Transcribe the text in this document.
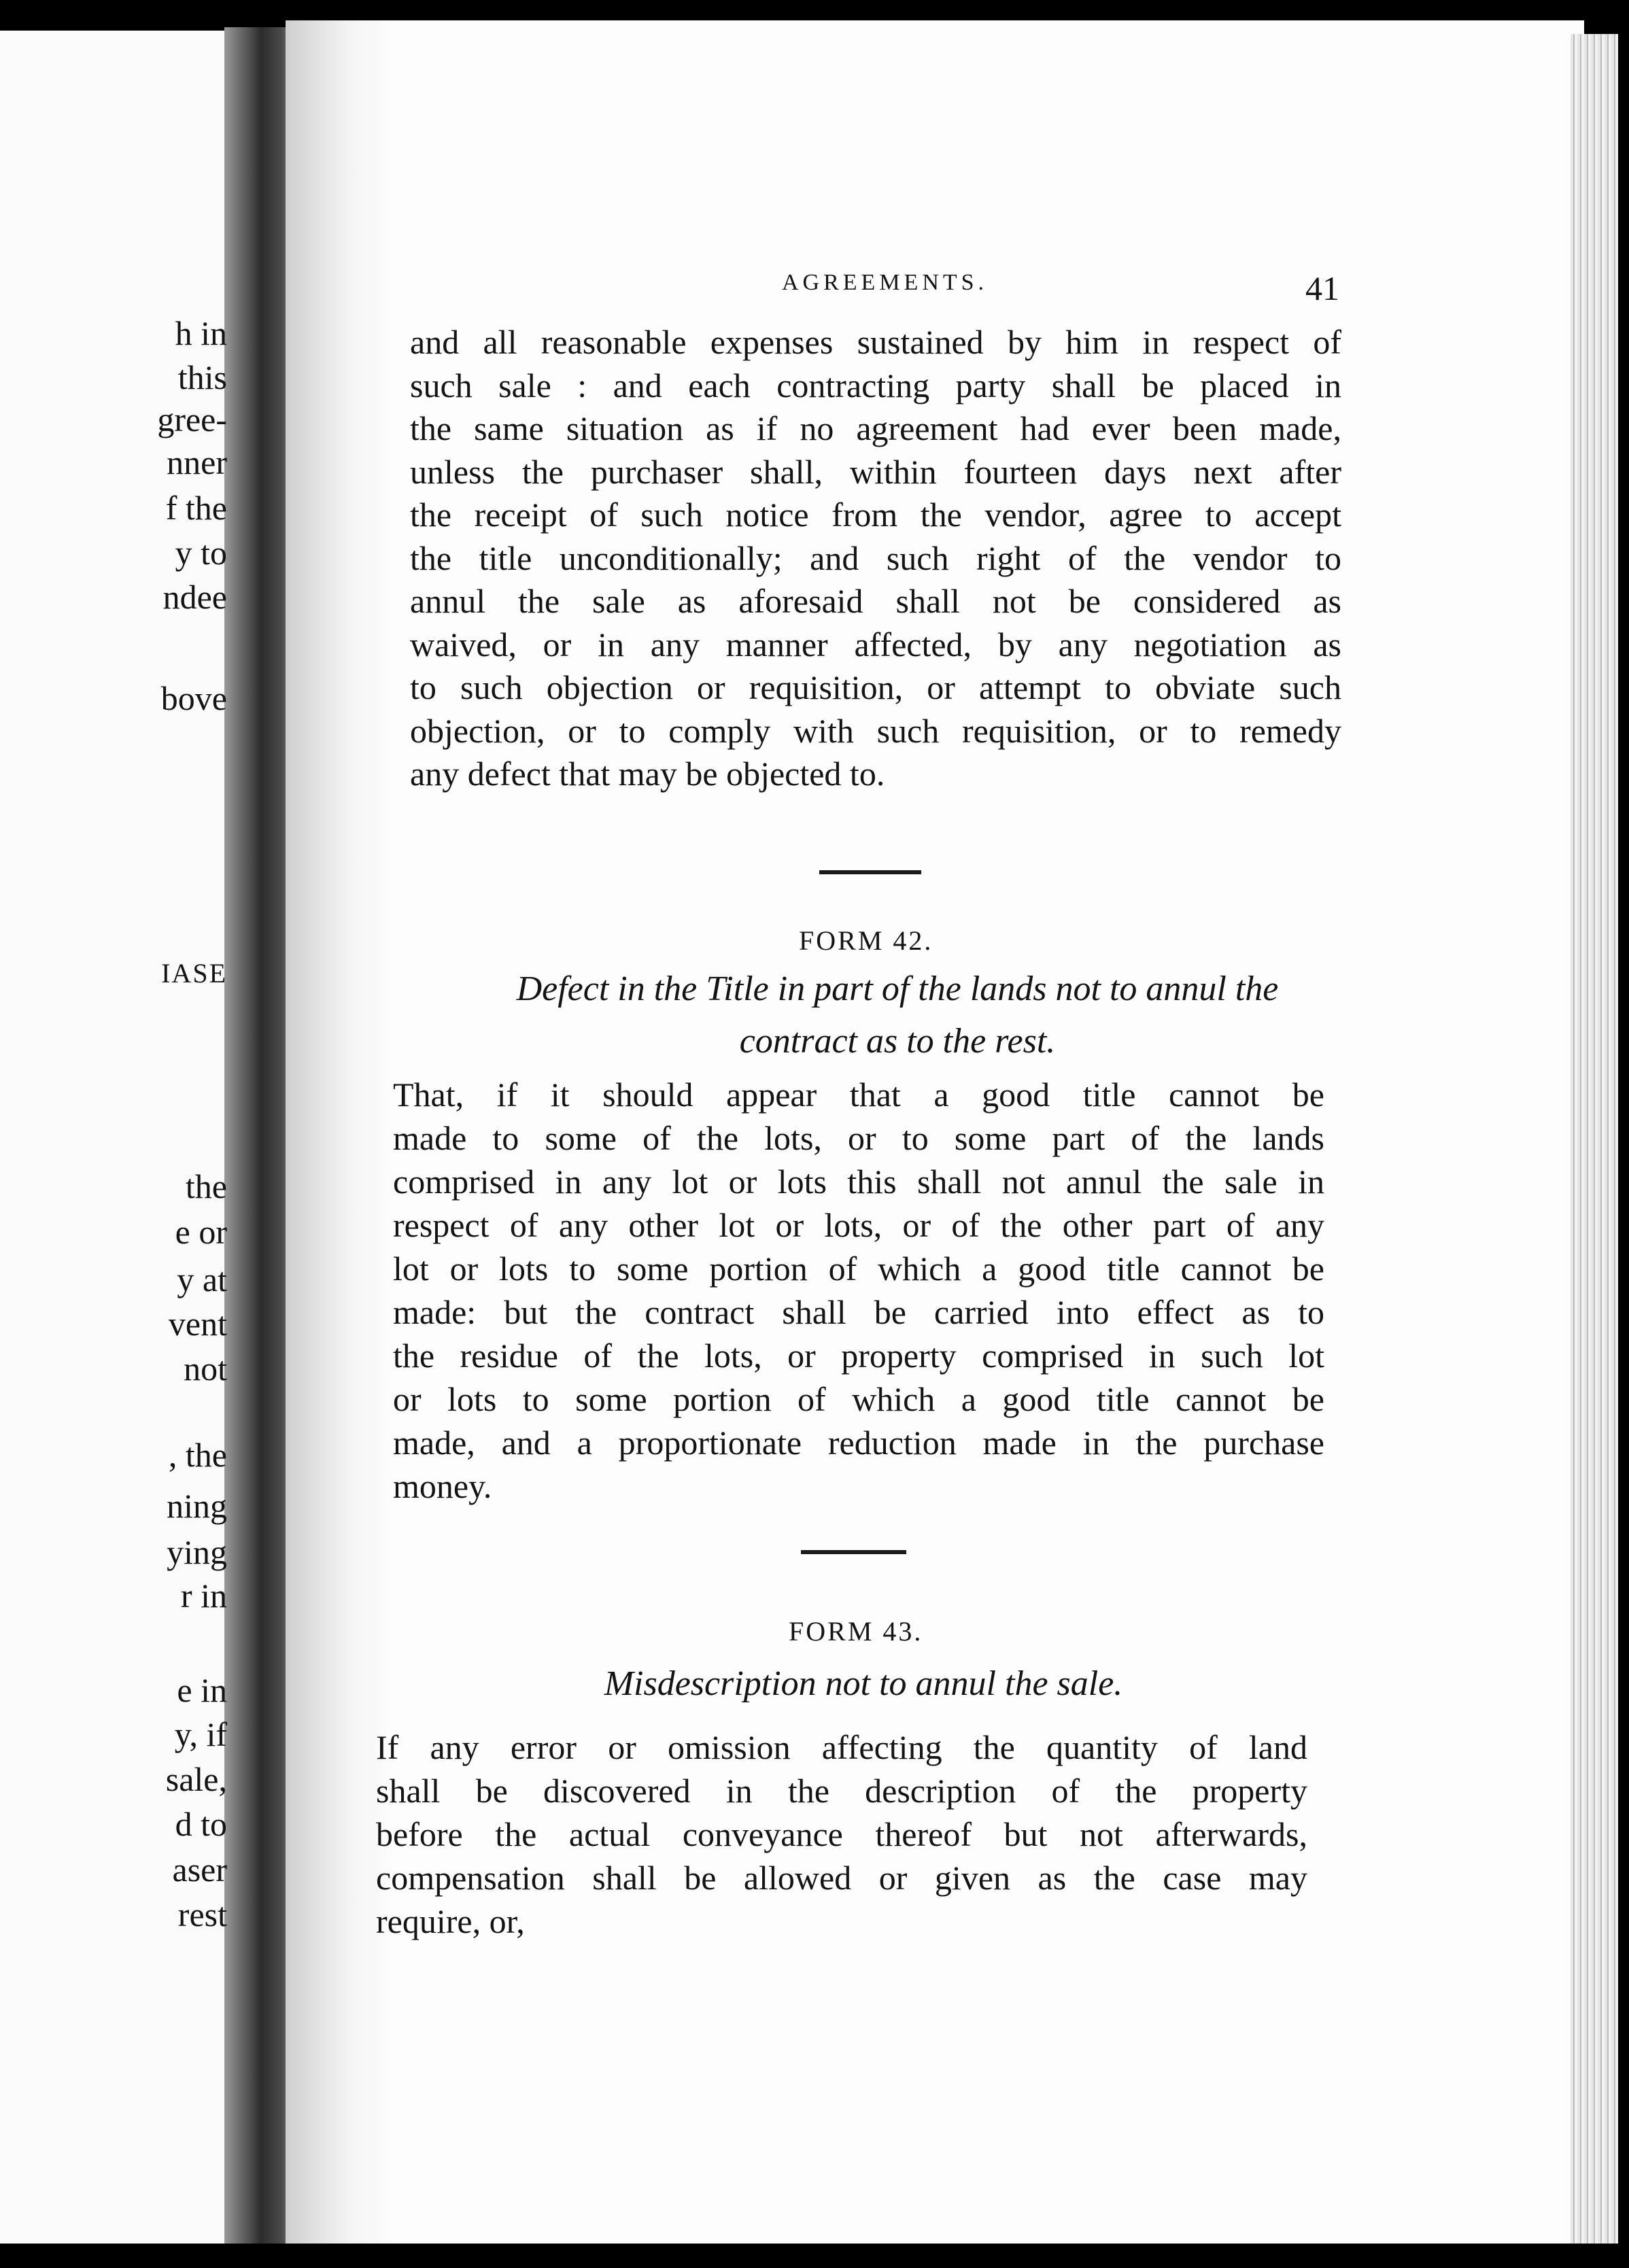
h in
this
gree-
nner
f the
y to
ndee
bove
IASE
the
e or
y at
vent
not
, the
ning
ying
r in
e in
y, if
sale,
d to
aser
rest
AGREEMENTS.	41
and all reasonable expenses sustained by him in respect of
such sale : and each contracting party shall be placed in
the same situation as if no agreement had ever been made,
unless the purchaser shall, within fourteen days next after
the receipt of such notice from the vendor, agree to accept
the title unconditionally; and such right of the vendor to
annul the sale as aforesaid shall not be considered as
waived, or in any manner affected, by any negotiation as
to such objection or requisition, or attempt to obviate such
objection, or to comply with such requisition, or to remedy
any defect that may be objected to.
FORM 42.
Defect in the Title in part of the lands not to annul the
contract as to the rest.
That, if it should appear that a good title cannot be
made to some of the lots, or to some part of the lands
comprised in any lot or lots this shall not annul the sale in
respect of any other lot or lots, or of the other part of any
lot or lots to some portion of which a good title cannot be
made: but the contract shall be carried into effect as to
the residue of the lots, or property comprised in such lot
or lots to some portion of which a good title cannot be
made, and a proportionate reduction made in the purchase
money.
FORM 43.
Misdescription not to annul the sale.
If any error or omission affecting the quantity of land
shall be discovered in the description of the property
before the actual conveyance thereof but not afterwards,
compensation shall be allowed or given as the case may
require, or,
